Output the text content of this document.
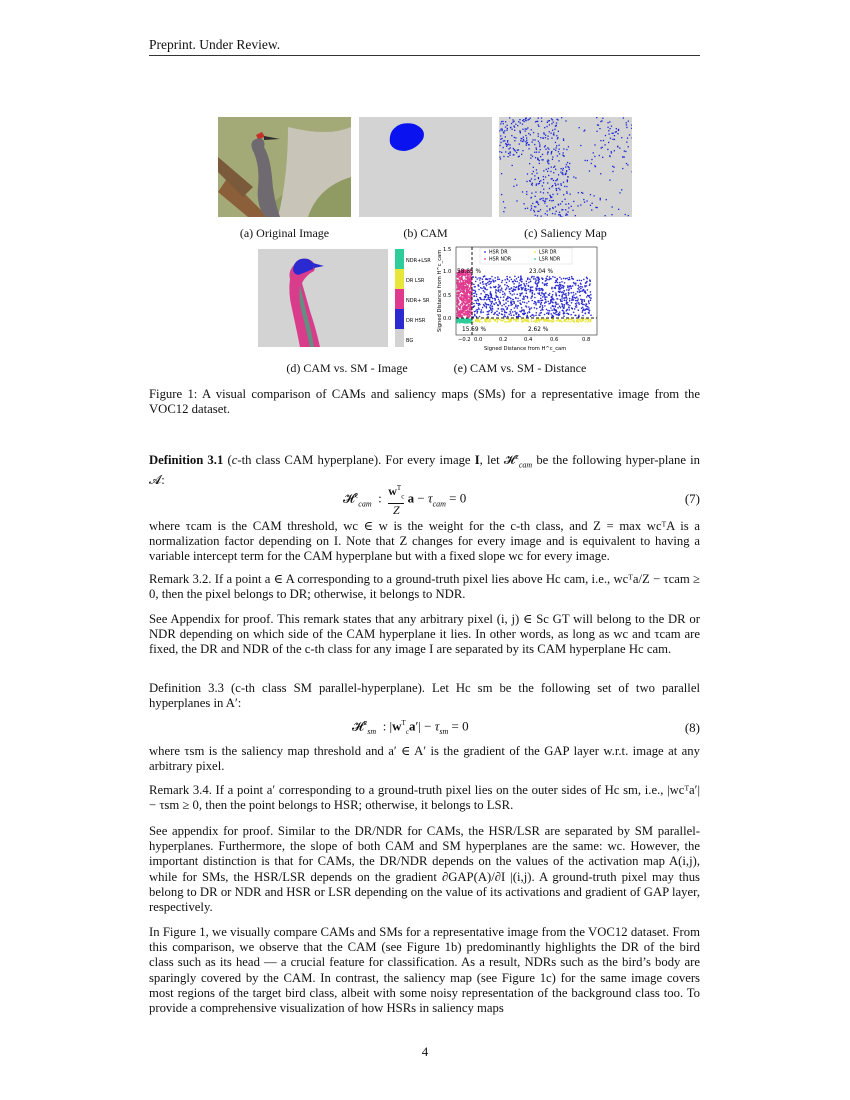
Preprint. Under Review.
(a) Original Image	(b) CAM	(c) Saliency Map
NDR+LSR
DR LSR
NDR+ SR
DR HSR
BG
Signed Distance from H^c_cam	HSR DR
HSR NDR
LSR DR
LSR NDR
58.85 %	23.04 %
15.59 %	2.62 %
1.5
1.0
0.5
0.0
−0.2 0.0	0.2	0.4	0.6	0.8
Signed Distance from H^c_cam
(d) CAM vs. SM - Image	(e) CAM vs. SM - Distance
Figure 1: A visual comparison of CAMs and saliency maps (SMs) for a representative image from the VOC12 dataset.
Definition 3.1 (c-th class CAM hyperplane). For every image I, let 𝓗$^c_{cam}$ be the following hyper-plane in 𝓐:
𝓗$^c_{cam}$  :  $w^T_c$

Z
$a - \tau_{cam} = 0$	(7)
where τcam is the CAM threshold, wc ∈ w is the weight for the c-th class, and Z = max wcᵀA is a normalization factor depending on I. Note that Z changes for every image and is equivalent to having a variable intercept term for the CAM hyperplane but with a fixed slope wc for every image.
Remark 3.2. If a point a ∈ A corresponding to a ground-truth pixel lies above Hc cam, i.e., wcᵀa/Z − τcam ≥ 0, then the pixel belongs to DR; otherwise, it belongs to NDR.
See Appendix for proof. This remark states that any arbitrary pixel (i, j) ∈ Sc GT will belong to the DR or NDR depending on which side of the CAM hyperplane it lies. In other words, as long as wc and τcam are fixed, the DR and NDR of the c-th class for any image I are separated by its CAM hyperplane Hc cam.
Definition 3.3 (c-th class SM parallel-hyperplane). Let Hc sm be the following set of two parallel hyperplanes in A′:
𝓗$^c_{sm}$  : $|w^T_ca'| - \tau_{sm} = 0$	(8)
where τsm is the saliency map threshold and a′ ∈ A′ is the gradient of the GAP layer w.r.t. image at any arbitrary pixel.
Remark 3.4. If a point a′ corresponding to a ground-truth pixel lies on the outer sides of Hc sm, i.e., |wcᵀa′| − τsm ≥ 0, then the point belongs to HSR; otherwise, it belongs to LSR.
See appendix for proof. Similar to the DR/NDR for CAMs, the HSR/LSR are separated by SM parallel-hyperplanes. Furthermore, the slope of both CAM and SM hyperplanes are the same: wc. However, the important distinction is that for CAMs, the DR/NDR depends on the values of the activation map A(i,j), while for SMs, the HSR/LSR depends on the gradient ∂GAP(A)/∂I |(i,j). A ground-truth pixel may thus belong to DR or NDR and HSR or LSR depending on the value of its activations and gradient of GAP layer, respectively.
In Figure 1, we visually compare CAMs and SMs for a representative image from the VOC12 dataset. From this comparison, we observe that the CAM (see Figure 1b) predominantly highlights the DR of the bird class such as its head — a crucial feature for classification. As a result, NDRs such as the bird’s body are sparingly covered by the CAM. In contrast, the saliency map (see Figure 1c) for the same image covers most regions of the target bird class, albeit with some noisy representation of the background class too. To provide a comprehensive visualization of how HSRs in saliency maps
4
